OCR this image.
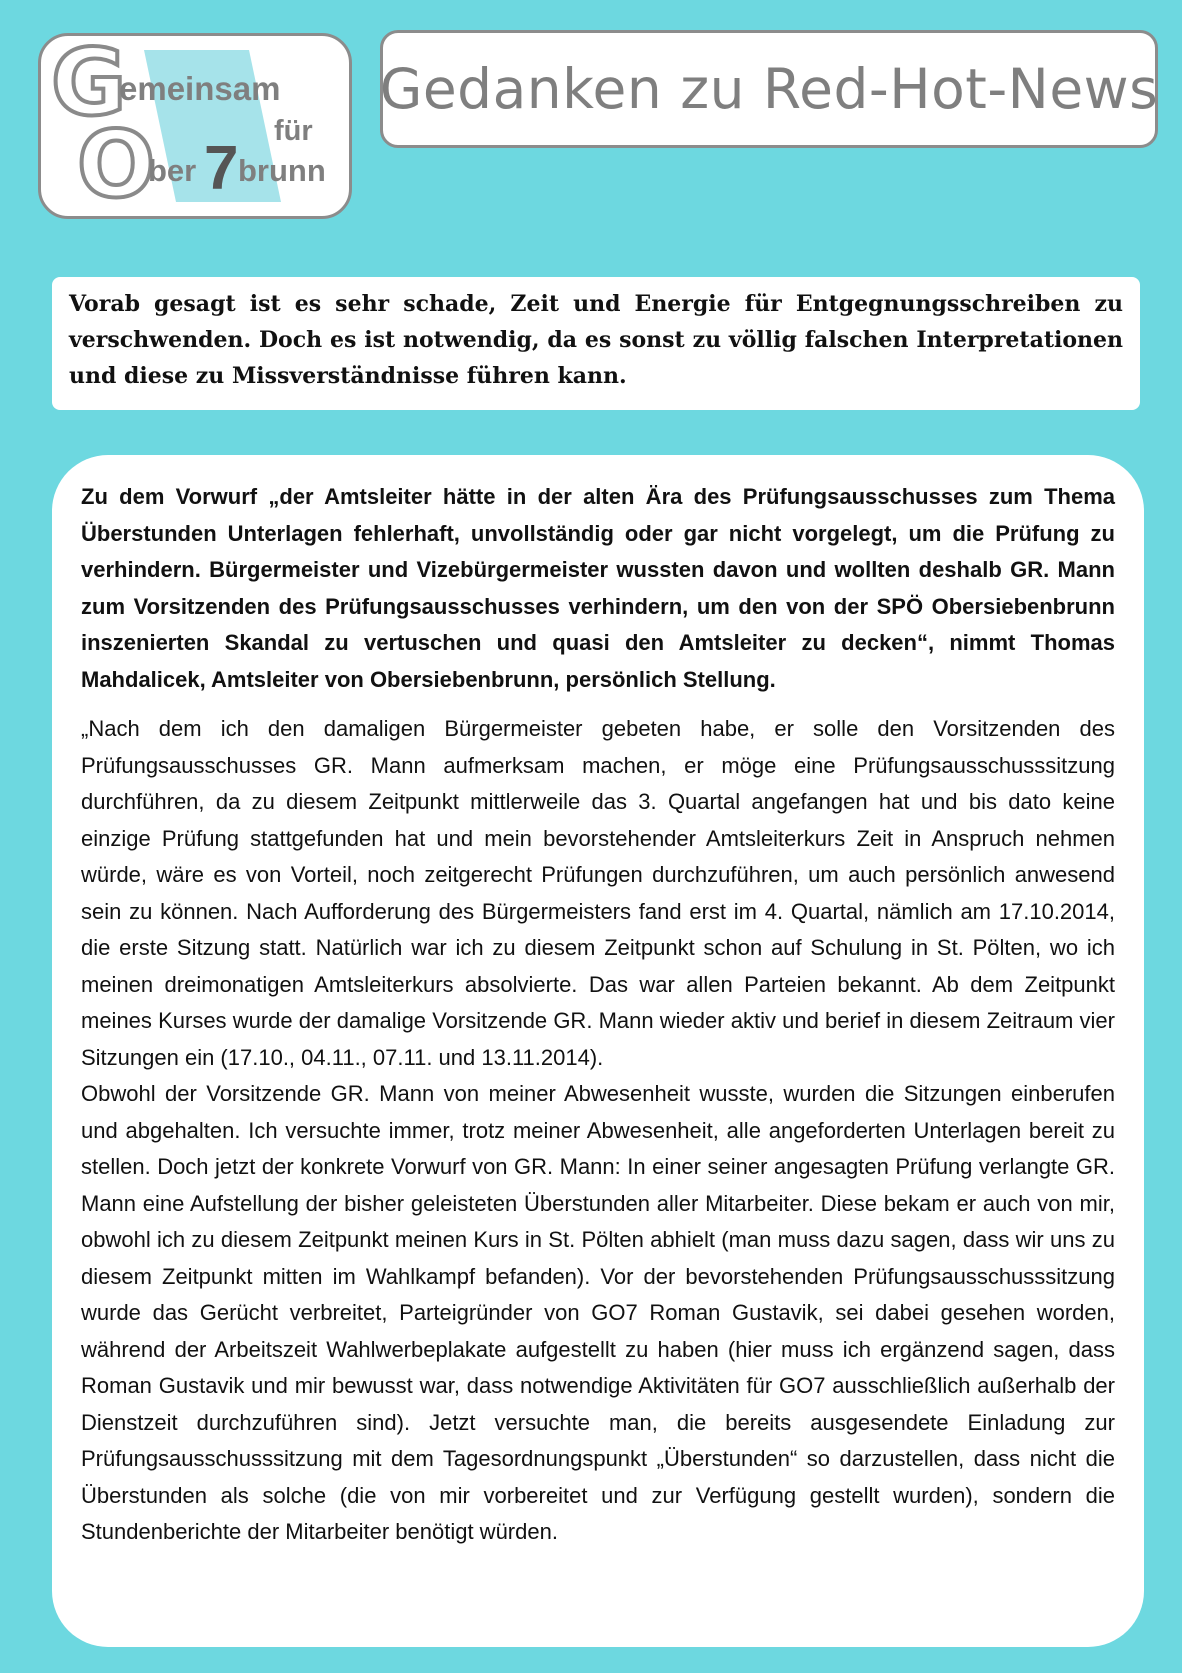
G
O
emeinsam
für
ber 7 brunn
Gedanken zu Red-Hot-News

Vorab gesagt ist es sehr schade, Zeit und Energie für Entgegnungsschreiben zu verschwenden. Doch es ist notwendig, da es sonst zu völlig falschen Interpretationen und diese zu Missverständnisse führen kann.

Zu dem Vorwurf „der Amtsleiter hätte in der alten Ära des Prüfungsausschusses zum Thema Überstunden Unterlagen fehlerhaft, unvollständig oder gar nicht vorgelegt, um die Prüfung zu verhindern. Bürgermeister und Vizebürgermeister wussten davon und wollten deshalb GR. Mann zum Vorsitzenden des Prüfungsausschusses verhindern, um den von der SPÖ Obersiebenbrunn inszenierten Skandal zu vertuschen und quasi den Amtsleiter zu decken“, nimmt Thomas Mahdalicek, Amtsleiter von Obersiebenbrunn, persönlich Stellung.

„Nach dem ich den damaligen Bürgermeister gebeten habe, er solle den Vorsitzenden des Prüfungsausschusses GR. Mann aufmerksam machen, er möge eine Prüfungsausschusssitzung durchführen, da zu diesem Zeitpunkt mittlerweile das 3. Quartal angefangen hat und bis dato keine einzige Prüfung stattgefunden hat und mein bevorstehender Amtsleiterkurs Zeit in Anspruch nehmen würde, wäre es von Vorteil, noch zeitgerecht Prüfungen durchzuführen, um auch persönlich anwesend sein zu können. Nach Aufforderung des Bürgermeisters fand erst im 4. Quartal, nämlich am 17.10.2014, die erste Sitzung statt. Natürlich war ich zu diesem Zeitpunkt schon auf Schulung in St. Pölten, wo ich meinen dreimonatigen Amtsleiterkurs absolvierte. Das war allen Parteien bekannt. Ab dem Zeitpunkt meines Kurses wurde der damalige Vorsitzende GR. Mann wieder aktiv und berief in diesem Zeitraum vier Sitzungen ein (17.10., 04.11., 07.11. und 13.11.2014).

Obwohl der Vorsitzende GR. Mann von meiner Abwesenheit wusste, wurden die Sitzungen einberufen und abgehalten. Ich versuchte immer, trotz meiner Abwesenheit, alle angeforderten Unterlagen bereit zu stellen. Doch jetzt der konkrete Vorwurf von GR. Mann: In einer seiner angesagten Prüfung verlangte GR. Mann eine Aufstellung der bisher geleisteten Überstunden aller Mitarbeiter. Diese bekam er auch von mir, obwohl ich zu diesem Zeitpunkt meinen Kurs in St. Pölten abhielt (man muss dazu sagen, dass wir uns zu diesem Zeitpunkt mitten im Wahlkampf befanden). Vor der bevorstehenden Prüfungsausschusssitzung wurde das Gerücht verbreitet, Parteigründer von GO7 Roman Gustavik, sei dabei gesehen worden, während der Arbeitszeit Wahlwerbeplakate aufgestellt zu haben (hier muss ich ergänzend sagen, dass Roman Gustavik und mir bewusst war, dass notwendige Aktivitäten für GO7 ausschließlich außerhalb der Dienstzeit durchzuführen sind). Jetzt versuchte man, die bereits ausgesendete Einladung zur Prüfungsausschusssitzung mit dem Tagesordnungspunkt „Überstunden“ so darzustellen, dass nicht die Überstunden als solche (die von mir vorbereitet und zur Verfügung gestellt wurden), sondern die Stundenberichte der Mitarbeiter benötigt würden.
